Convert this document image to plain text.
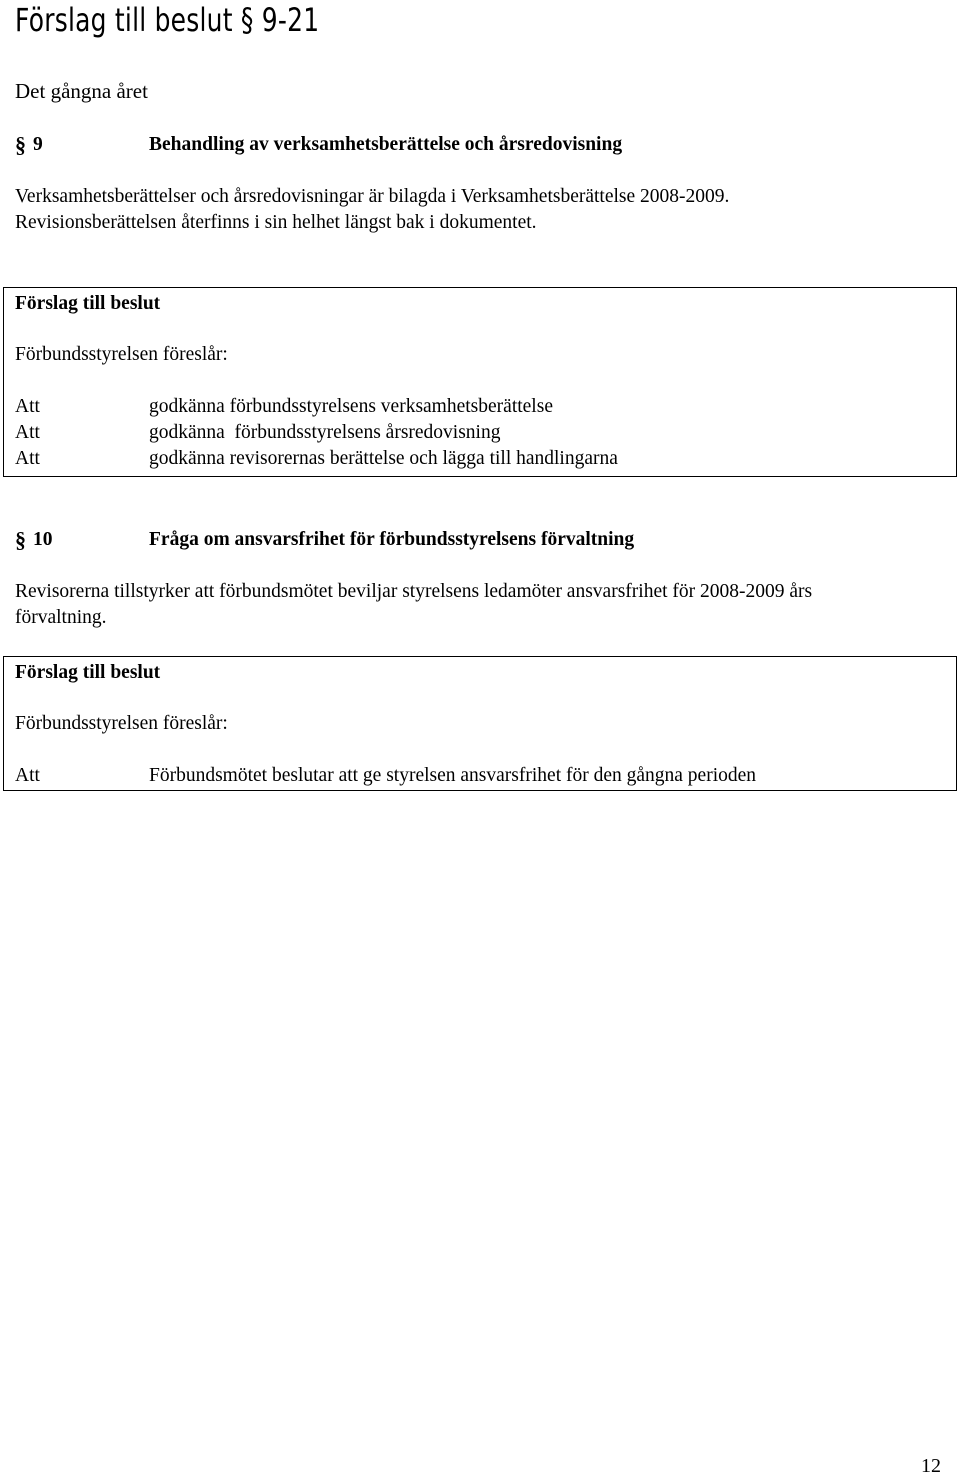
Förslag till beslut § 9-21
Det gångna året
§ 9	Behandling av verksamhetsberättelse och årsredovisning
Verksamhetsberättelser och årsredovisningar är bilagda i Verksamhetsberättelse 2008-2009.
Revisionsberättelsen återfinns i sin helhet längst bak i dokumentet.
Förslag till beslut
Förbundsstyrelsen föreslår:
Att	godkänna förbundsstyrelsens verksamhetsberättelse
Att	godkänna  förbundsstyrelsens årsredovisning
Att	godkänna revisorernas berättelse och lägga till handlingarna
§ 10	Fråga om ansvarsfrihet för förbundsstyrelsens förvaltning
Revisorerna tillstyrker att förbundsmötet beviljar styrelsens ledamöter ansvarsfrihet för 2008-2009 års
förvaltning.
Förslag till beslut
Förbundsstyrelsen föreslår:
Att	Förbundsmötet beslutar att ge styrelsen ansvarsfrihet för den gångna perioden
12
